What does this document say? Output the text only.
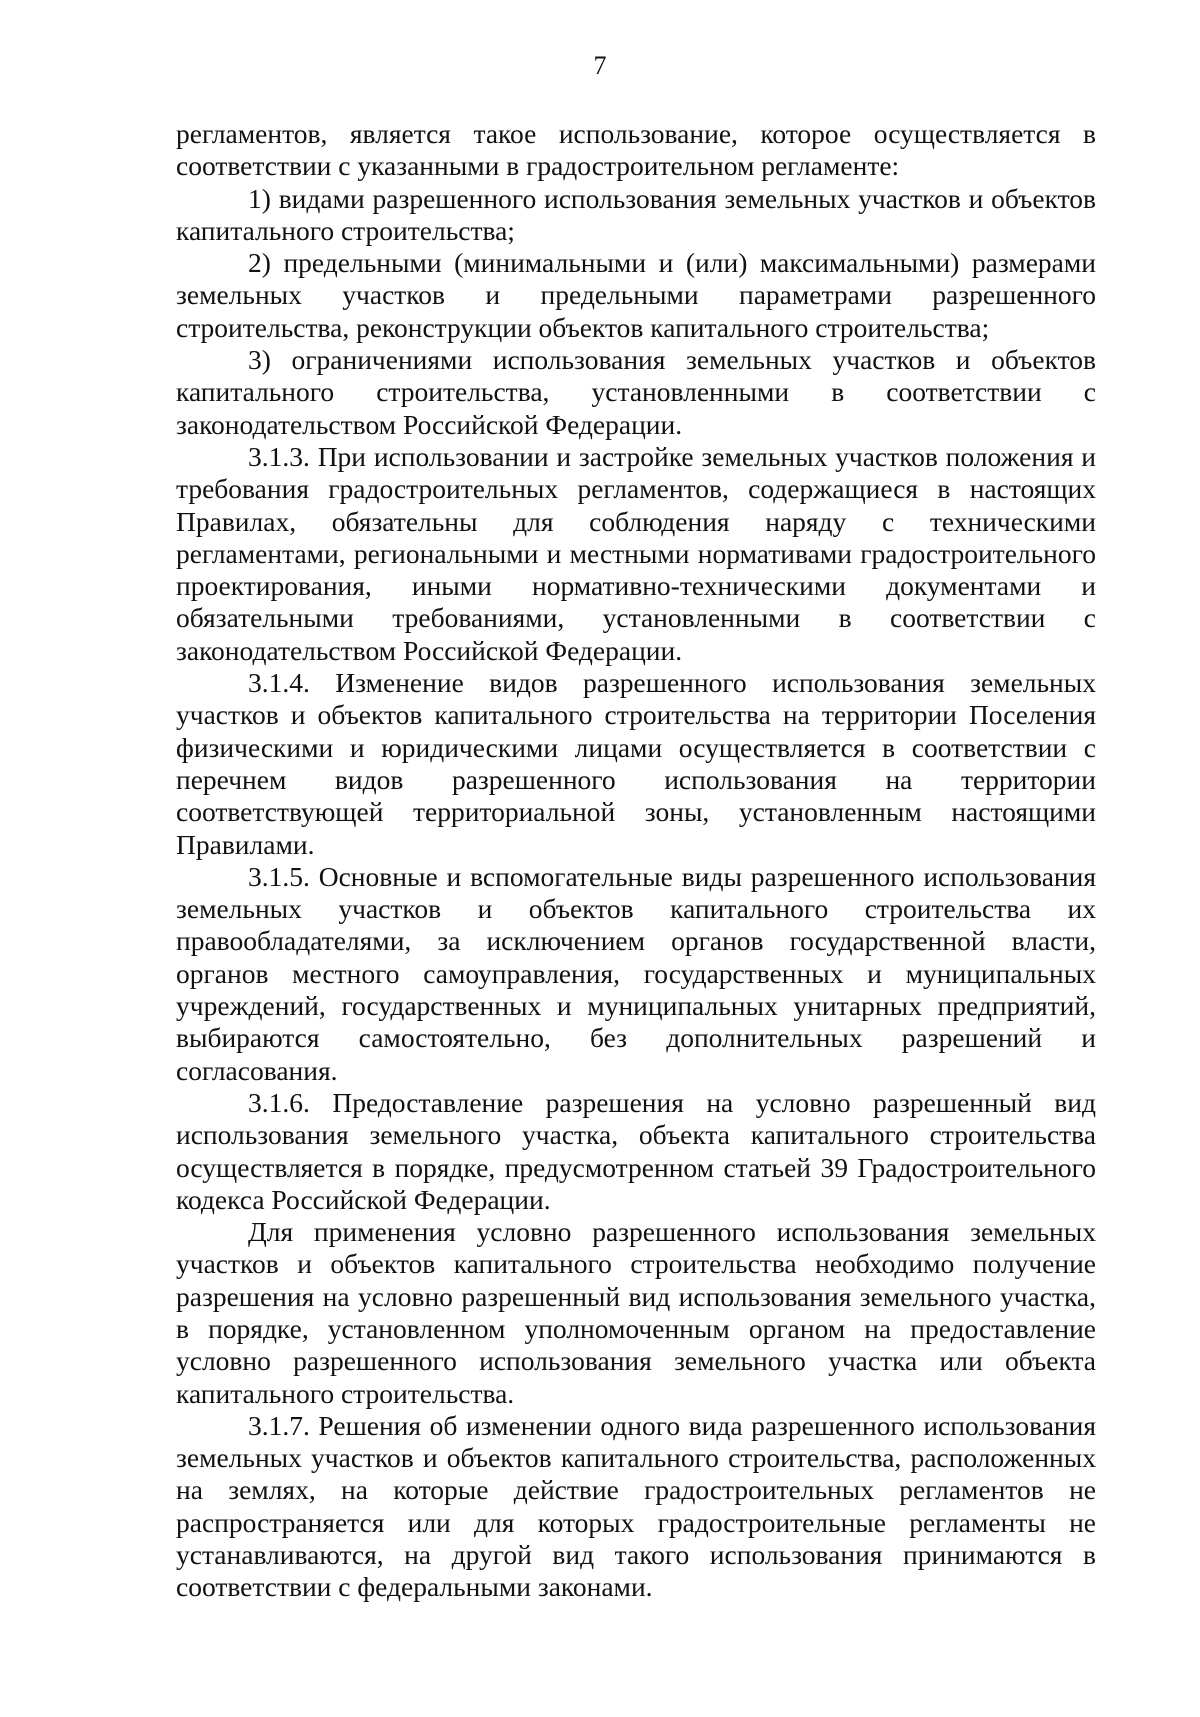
7

регламентов, является такое использование, которое осуществляется в соответствии с указанными в градостроительном регламенте:

1) видами разрешенного использования земельных участков и объектов капитального строительства;

2) предельными (минимальными и (или) максимальными) размерами земельных участков и предельными параметрами разрешенного строительства, реконструкции объектов капитального строительства;

3) ограничениями использования земельных участков и объектов капитального строительства, установленными в соответствии с законодательством Российской Федерации.

3.1.3. При использовании и застройке земельных участков положения и требования градостроительных регламентов, содержащиеся в настоящих Правилах, обязательны для соблюдения наряду с техническими регламентами, региональными и местными нормативами градостроительного проектирования, иными нормативно-техническими документами и обязательными требованиями, установленными в соответствии с законодательством Российской Федерации.

3.1.4. Изменение видов разрешенного использования земельных участков и объектов капитального строительства на территории Поселения физическими и юридическими лицами осуществляется в соответствии с перечнем видов разрешенного использования на территории соответствующей территориальной зоны, установленным настоящими Правилами.

3.1.5. Основные и вспомогательные виды разрешенного использования земельных участков и объектов капитального строительства их правообладателями, за исключением органов государственной власти, органов местного самоуправления, государственных и муниципальных учреждений, государственных и муниципальных унитарных предприятий, выбираются самостоятельно, без дополнительных разрешений и согласования.

3.1.6. Предоставление разрешения на условно разрешенный вид использования земельного участка, объекта капитального строительства осуществляется в порядке, предусмотренном статьей 39 Градостроительного кодекса Российской Федерации.

Для применения условно разрешенного использования земельных участков и объектов капитального строительства необходимо получение разрешения на условно разрешенный вид использования земельного участка, в порядке, установленном уполномоченным органом на предоставление условно разрешенного использования земельного участка или объекта капитального строительства.

3.1.7. Решения об изменении одного вида разрешенного использования земельных участков и объектов капитального строительства, расположенных на землях, на которые действие градостроительных регламентов не распространяется или для которых градостроительные регламенты не устанавливаются, на другой вид такого использования принимаются в соответствии с федеральными законами.
